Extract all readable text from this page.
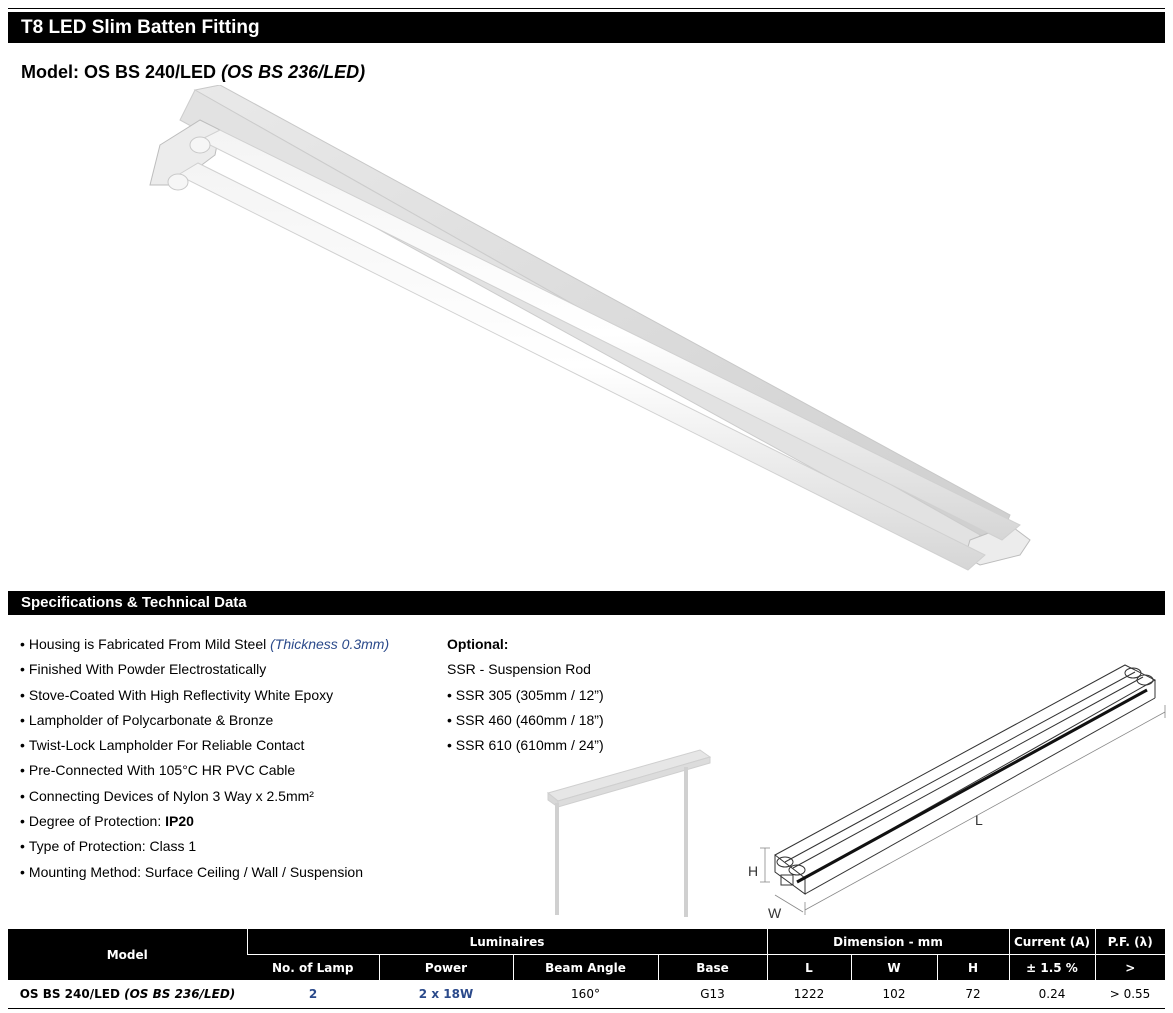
T8 LED Slim Batten Fitting
Model: OS BS 240/LED (OS BS 236/LED)
Specifications & Technical Data
• Housing is Fabricated From Mild Steel (Thickness 0.3mm)
• Finished With Powder Electrostatically
• Stove-Coated With High Reflectivity White Epoxy
• Lampholder of Polycarbonate & Bronze
• Twist-Lock Lampholder For Reliable Contact
• Pre-Connected With 105°C HR PVC Cable
• Connecting Devices of Nylon 3 Way x 2.5mm²
• Degree of Protection: IP20
• Type of Protection: Class 1
• Mounting Method: Surface Ceiling / Wall / Suspension
Optional:
SSR - Suspension Rod
• SSR 305 (305mm / 12”)
• SSR 460 (460mm / 18”)
• SSR 610 (610mm / 24”)
H
W
L
Model	Luminaires				Dimension - mm			Current (A)	P.F. (λ)
	No. of Lamp	Power	Beam Angle	Base	L	W	H	± 1.5 %	>
OS BS 240/LED (OS BS 236/LED)	2	2 x 18W	160°	G13	1222	102	72	0.24	> 0.55
